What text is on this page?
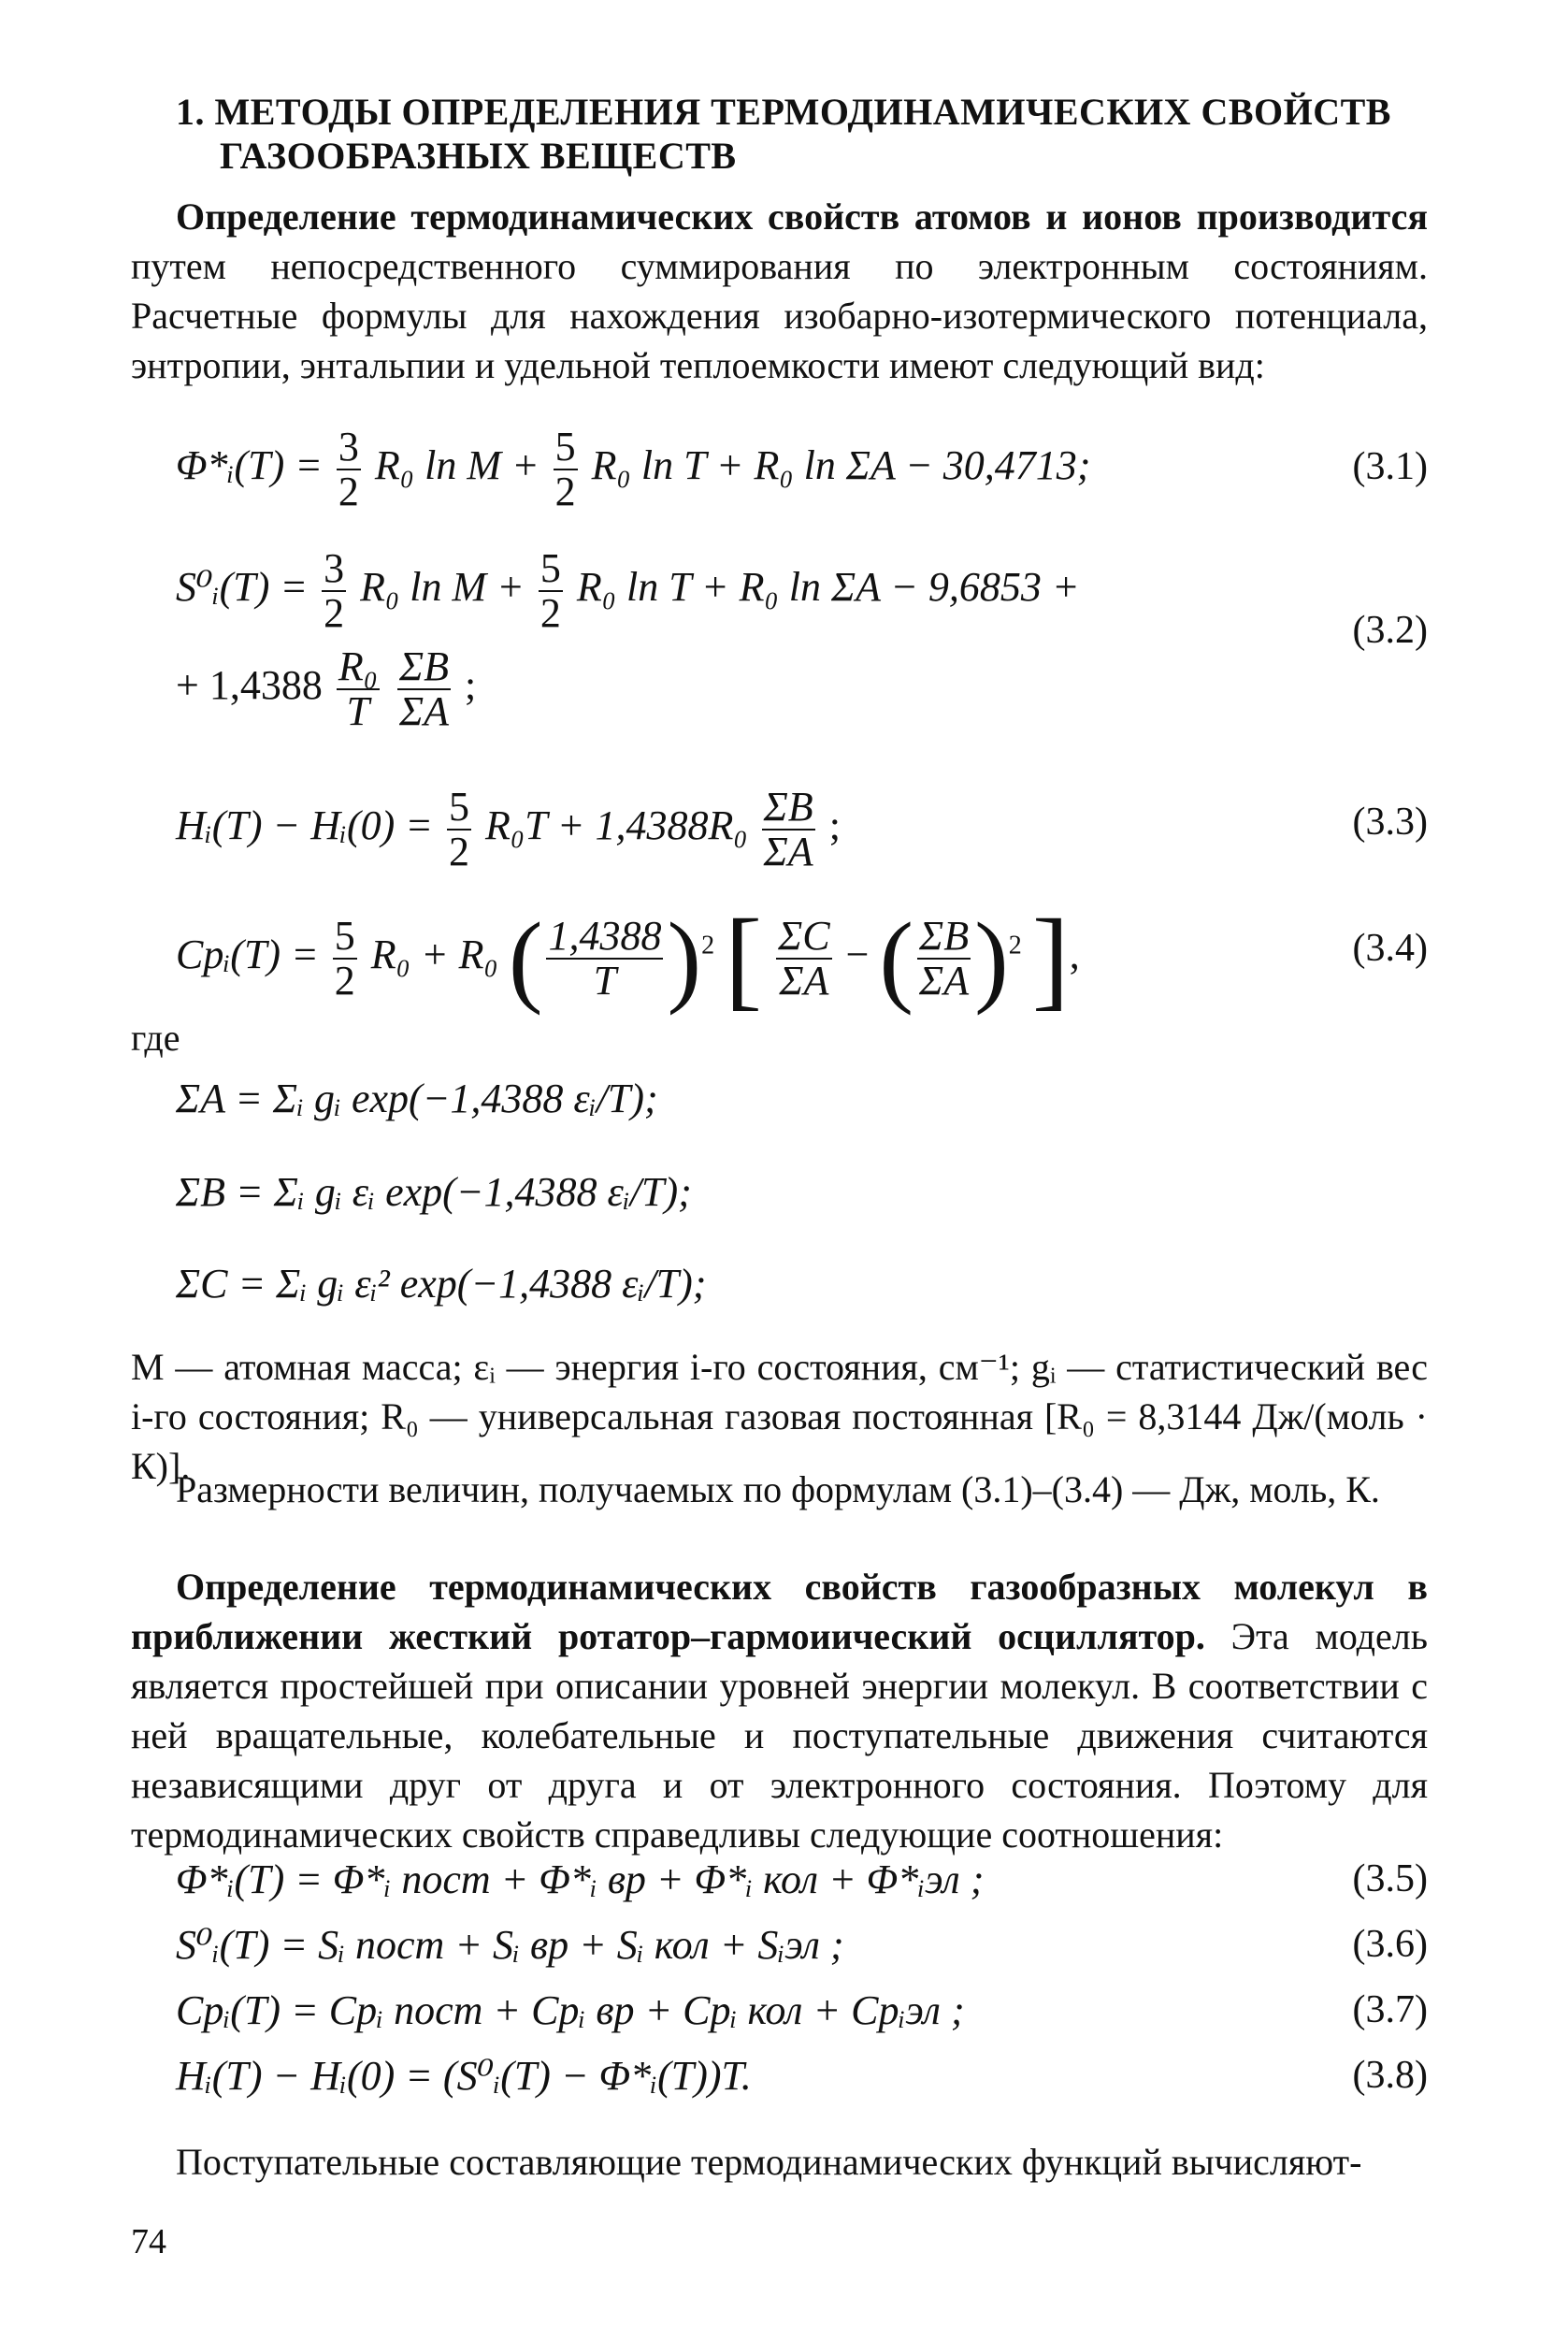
1. МЕТОДЫ ОПРЕДЕЛЕНИЯ ТЕРМОДИНАМИЧЕСКИХ СВОЙСТВ
ГАЗООБРАЗНЫХ ВЕЩЕСТВ
Определение термодинамических свойств атомов и ионов производится путем непосредственного суммирования по электронным состояниям. Расчетные формулы для нахождения изобарно-изотермического потенциала, энтропии, энтальпии и удельной теплоемкости имеют следующий вид:
Φ*ᵢ(T) = $\frac{3}{2} R_0$ $\ln M + \frac{5}{2} R_0$ ln T + R₀ ln ΣA − 30,4713;	(3.1)
S⁰ᵢ(T) = $\frac{3}{2} R_0$ $\ln M + \frac{5}{2} R_0$ ln T + R₀ ln ΣA − 9,6853 +
+ $1,4388 \frac{\text{R₀}}{T}$
$\frac{\Sigma B}{\Sigma A}$ ;
(3.2)
Hᵢ(T) − Hᵢ(0) = $\frac{5}{2} R_0T + 1,4388R_0 \frac{\Sigma B}{\Sigma A}$ ;	(3.3)
Cpᵢ(T) = $\frac{5}{2} R_0 + R_0$ ( $\frac{1,4388}{T} )^2$ [ $\frac{\Sigma C}{\Sigma A}$ − ( $\frac{\Sigma B}{\Sigma A} )^2$ ],	(3.4)
где
ΣA = Σᵢ gᵢ exp(−1,4388 εᵢ/T);
ΣB = Σᵢ gᵢ εᵢ exp(−1,4388 εᵢ/T);
ΣC = Σᵢ gᵢ εᵢ² exp(−1,4388 εᵢ/T);
M — атомная масса; εᵢ — энергия i-го состояния, см⁻¹; gᵢ — статистический вес i-го состояния; R₀ — универсальная газовая постоянная [R₀ = 8,3144 Дж/(моль · К)].
Размерности величин, получаемых по формулам (3.1)–(3.4) — Дж, моль, К.
Определение термодинамических свойств газообразных молекул в приближении жесткий ротатор–гармоиический осциллятор. Эта модель является простейшей при описании уровней энергии молекул. В соответствии с ней вращательные, колебательные и поступательные движения считаются независящими друг от друга и от электронного состояния. Поэтому для термодинамических свойств справедливы следующие соотношения:
Φ*ᵢ(T) = Φ*ᵢ пост + Φ*ᵢ вр + Φ*ᵢ кол + Φ*ᵢэл ;	(3.5)
S⁰ᵢ(T) = Sᵢ пост + Sᵢ вр + Sᵢ кол + Sᵢэл ;	(3.6)
Cpᵢ(T) = Cpᵢ пост + Cpᵢ вр + Cpᵢ кол + Cpᵢэл ;	(3.7)
Hᵢ(T) − Hᵢ(0) = (S⁰ᵢ(T) − Φ*ᵢ(T))T.	(3.8)
Поступательные составляющие термодинамических функций вычисляют-
74
